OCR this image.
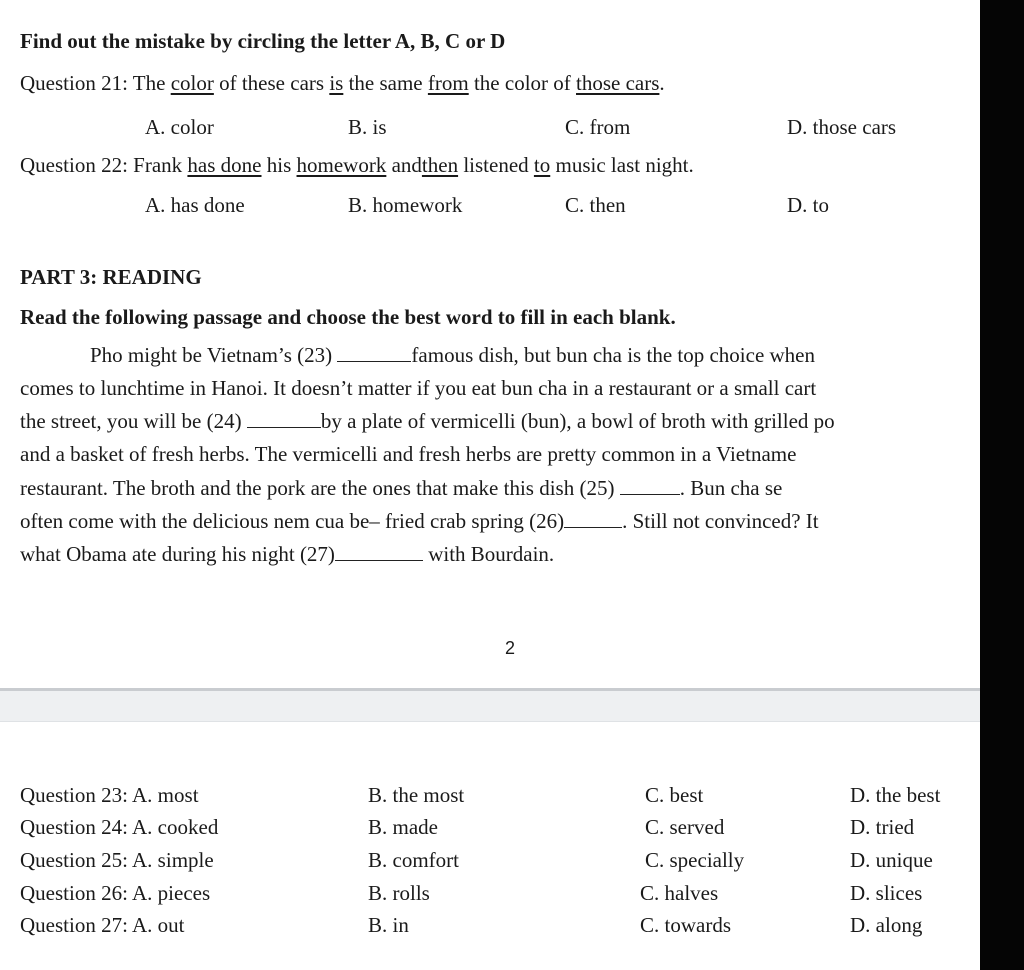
Find out the mistake by circling the letter A, B, C or D
Question 21: The color of these cars is the same from the color of those cars.
A. color	B. is	C. from	D. those cars
Question 22: Frank has done his homework andthen listened to music last night.
A. has done	B. homework	C. then	D. to
PART 3: READING
Read the following passage and choose the best word to fill in each blank.
Pho might be Vietnam’s (23)	famous dish, but bun cha is the top choice when
comes to lunchtime in Hanoi. It doesn’t matter if you eat bun cha in a restaurant or a small cart
the street, you will be (24)	by a plate of vermicelli (bun), a bowl of broth with grilled po
and a basket of fresh herbs. The vermicelli and fresh herbs are pretty common in a Vietname
restaurant. The broth and the pork are the ones that make this dish (25)	. Bun cha se
often come with the delicious nem cua be– fried crab spring (26)	. Still not convinced? It
what Obama ate during his night (27)	with Bourdain.
2
Question 23: A. most	B. the most	C. best	D. the best
Question 24: A. cooked	B. made	C. served	D. tried
Question 25: A. simple	B. comfort	C. specially	D. unique
Question 26: A. pieces	B. rolls	C. halves	D. slices
Question 27: A. out	B. in	C. towards	D. along
